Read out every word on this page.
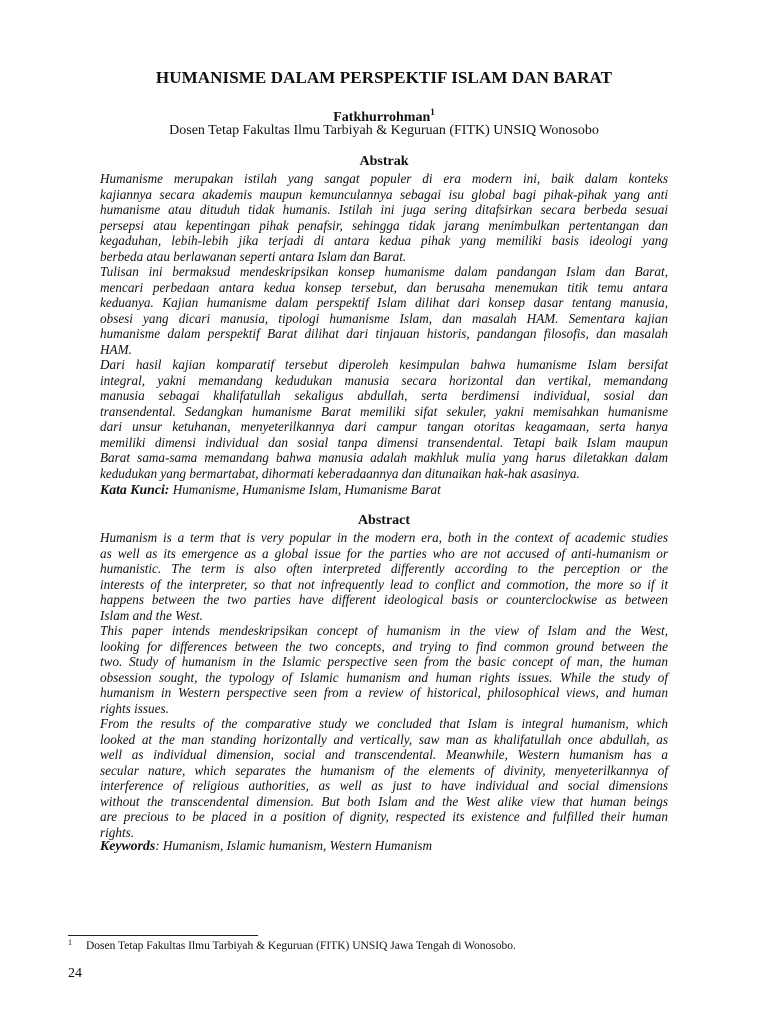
HUMANISME DALAM PERSPEKTIF ISLAM DAN BARAT
Fatkhurrohman$^1$
Dosen Tetap Fakultas Ilmu Tarbiyah & Keguruan (FITK) UNSIQ Wonosobo
Abstrak
Humanisme merupakan istilah yang sangat populer di era modern ini, baik dalam konteks
kajiannya secara akademis maupun kemunculannya sebagai isu global bagi pihak-pihak yang anti
humanisme atau dituduh tidak humanis. Istilah ini juga sering ditafsirkan secara berbeda sesuai
persepsi atau kepentingan pihak penafsir, sehingga tidak jarang menimbulkan pertentangan dan
kegaduhan, lebih-lebih jika terjadi di antara kedua pihak yang memiliki basis ideologi yang
berbeda atau berlawanan seperti antara Islam dan Barat.
Tulisan ini bermaksud mendeskripsikan konsep humanisme dalam pandangan Islam dan Barat,
mencari perbedaan antara kedua konsep tersebut, dan berusaha menemukan titik temu antara
keduanya. Kajian humanisme dalam perspektif Islam dilihat dari konsep dasar tentang manusia,
obsesi yang dicari manusia, tipologi humanisme Islam, dan masalah HAM. Sementara kajian
humanisme dalam perspektif Barat dilihat dari tinjauan historis, pandangan filosofis, dan masalah
HAM.
Dari hasil kajian komparatif tersebut diperoleh kesimpulan bahwa humanisme Islam bersifat
integral, yakni memandang kedudukan manusia secara horizontal dan vertikal, memandang
manusia sebagai khalifatullah sekaligus abdullah, serta berdimensi individual, sosial dan
transendental. Sedangkan humanisme Barat memiliki sifat sekuler, yakni memisahkan humanisme
dari unsur ketuhanan, menyeterilkannya dari campur tangan otoritas keagamaan, serta hanya
memiliki dimensi individual dan sosial tanpa dimensi transendental. Tetapi baik Islam maupun
Barat sama-sama memandang bahwa manusia adalah makhluk mulia yang harus diletakkan dalam
kedudukan yang bermartabat, dihormati keberadaannya dan ditunaikan hak-hak asasinya.
Kata Kunci: Humanisme, Humanisme Islam, Humanisme Barat
Abstract
Humanism is a term that is very popular in the modern era, both in the context of academic studies
as well as its emergence as a global issue for the parties who are not accused of anti-humanism or
humanistic. The term is also often interpreted differently according to the perception or the
interests of the interpreter, so that not infrequently lead to conflict and commotion, the more so if it
happens between the two parties have different ideological basis or counterclockwise as between
Islam and the West.
This paper intends mendeskripsikan concept of humanism in the view of Islam and the West,
looking for differences between the two concepts, and trying to find common ground between the
two. Study of humanism in the Islamic perspective seen from the basic concept of man, the human
obsession sought, the typology of Islamic humanism and human rights issues. While the study of
humanism in Western perspective seen from a review of historical, philosophical views, and human
rights issues.
From the results of the comparative study we concluded that Islam is integral humanism, which
looked at the man standing horizontally and vertically, saw man as khalifatullah once abdullah, as
well as individual dimension, social and transcendental. Meanwhile, Western humanism has a
secular nature, which separates the humanism of the elements of divinity, menyeterilkannya of
interference of religious authorities, as well as just to have individual and social dimensions
without the transcendental dimension. But both Islam and the West alike view that human beings
are precious to be placed in a position of dignity, respected its existence and fulfilled their human
rights.
Keywords: Humanism, Islamic humanism, Western Humanism
$^1$ Dosen Tetap Fakultas Ilmu Tarbiyah & Keguruan (FITK) UNSIQ Jawa Tengah di Wonosobo.
24
